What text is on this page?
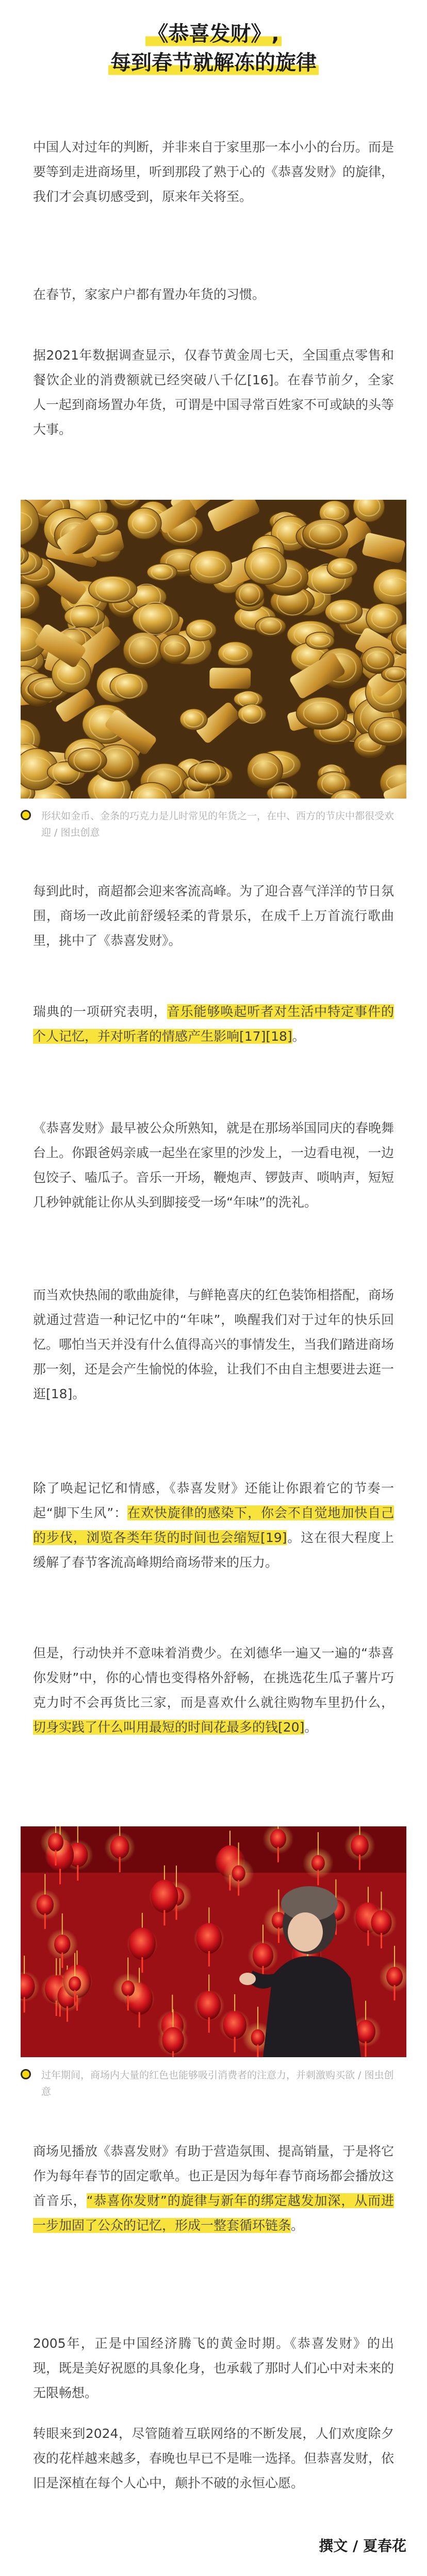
《恭喜发财》,
每到春节就解冻的旋律

中国人对过年的判断，并非来自于家里那一本小小的台历。而是要等到走进商场里，听到那段了熟于心的《恭喜发财》的旋律，我们才会真切感受到，原来年关将至。

在春节，家家户户都有置办年货的习惯。

据2021年数据调查显示，仅春节黄金周七天，全国重点零售和餐饮企业的消费额就已经突破八千亿[16]。在春节前夕，全家人一起到商场置办年货，可谓是中国寻常百姓家不可或缺的头等大事。

形状如金币、金条的巧克力是儿时常见的年货之一，在中、西方的节庆中都很受欢迎 / 图虫创意

每到此时，商超都会迎来客流高峰。为了迎合喜气洋洋的节日氛围，商场一改此前舒缓轻柔的背景乐，在成千上万首流行歌曲里，挑中了《恭喜发财》。

瑞典的一项研究表明，音乐能够唤起听者对生活中特定事件的个人记忆，并对听者的情感产生影响[17][18]。

《恭喜发财》最早被公众所熟知，就是在那场举国同庆的春晚舞台上。你跟爸妈亲戚一起坐在家里的沙发上，一边看电视，一边包饺子、嗑瓜子。音乐一开场，鞭炮声、锣鼓声、唢呐声，短短几秒钟就能让你从头到脚接受一场“年味”的洗礼。

而当欢快热闹的歌曲旋律，与鲜艳喜庆的红色装饰相搭配，商场就通过营造一种记忆中的“年味”，唤醒我们对于过年的快乐回忆。哪怕当天并没有什么值得高兴的事情发生，当我们踏进商场那一刻，还是会产生愉悦的体验，让我们不由自主想要进去逛一逛[18]。

除了唤起记忆和情感，《恭喜发财》还能让你跟着它的节奏一起“脚下生风”：在欢快旋律的感染下，你会不自觉地加快自己的步伐，浏览各类年货的时间也会缩短[19]。这在很大程度上缓解了春节客流高峰期给商场带来的压力。

但是，行动快并不意味着消费少。在刘德华一遍又一遍的“恭喜你发财”中，你的心情也变得格外舒畅，在挑选花生瓜子薯片巧克力时不会再货比三家，而是喜欢什么就往购物车里扔什么，切身实践了什么叫用最短的时间花最多的钱[20]。

过年期间，商场内大量的红色也能够吸引消费者的注意力，并刺激购买欲 / 图虫创意

商场见播放《恭喜发财》有助于营造氛围、提高销量，于是将它作为每年春节的固定歌单。也正是因为每年春节商场都会播放这首音乐，“恭喜你发财”的旋律与新年的绑定越发加深，从而进一步加固了公众的记忆，形成一整套循环链条。

2005年，正是中国经济腾飞的黄金时期。《恭喜发财》的出现，既是美好祝愿的具象化身，也承载了那时人们心中对未来的无限畅想。

转眼来到2024，尽管随着互联网络的不断发展，人们欢度除夕夜的花样越来越多，春晚也早已不是唯一选择。但恭喜发财，依旧是深植在每个人心中，颠扑不破的永恒心愿。

撰文 / 夏春花
